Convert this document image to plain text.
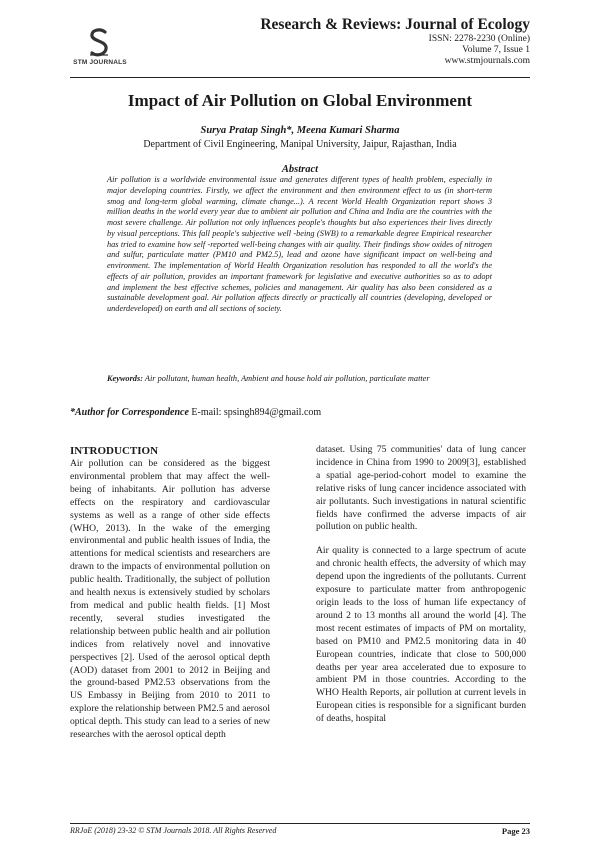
STM JOURNALS
Research & Reviews: Journal of Ecology
ISSN: 2278-2230 (Online)
Volume 7, Issue 1
www.stmjournals.com
Impact of Air Pollution on Global Environment
Surya Pratap Singh*, Meena Kumari Sharma
Department of Civil Engineering, Manipal University, Jaipur, Rajasthan, India
Abstract

Air pollution is a worldwide environmental issue and generates different types of health problem, especially in major developing countries. Firstly, we affect the environment and then environment effect to us (in short-term smog and long-term global warming, climate change...). A recent World Health Organization report shows 3 million deaths in the world every year due to ambient air pollution and China and India are the countries with the most severe challenge. Air pollution not only influences people's thoughts but also experiences their lives directly by visual perceptions. This fall people's subjective well -being (SWB) to a remarkable degree Empirical researcher has tried to examine how self -reported well-being changes with air quality. Their findings show oxides of nitrogen and sulfur, particulate matter (PM10 and PM2.5), lead and ozone have significant impact on well-being and environment. The implementation of World Health Organization resolution has responded to all the world's the effects of air pollution, provides an important framework for legislative and executive authorities so as to adopt and implement the best effective schemes, policies and management. Air quality has also been considered as a sustainable development goal. Air pollution affects directly or practically all countries (developing, developed or underdeveloped) on earth and all sections of society.

Keywords: Air pollutant, human health, Ambient and house hold air pollution, particulate matter

*Author for Correspondence E-mail: spsingh894@gmail.com
INTRODUCTION

Air pollution can be considered as the biggest environmental problem that may affect the well-being of inhabitants. Air pollution has adverse effects on the respiratory and cardiovascular systems as well as a range of other side effects (WHO, 2013). In the wake of the emerging environmental and public health issues of India, the attentions for medical scientists and researchers are drawn to the impacts of environmental pollution on public health. Traditionally, the subject of pollution and health nexus is extensively studied by scholars from medical and public health fields. [1] Most recently, several studies investigated the relationship between public health and air pollution indices from relatively novel and innovative perspectives [2]. Used of the aerosol optical depth (AOD) dataset from 2001 to 2012 in Beijing and the ground-based PM2.53 observations from the US Embassy in Beijing from 2010 to 2011 to explore the relationship between PM2.5 and aerosol optical depth. This study can lead to a series of new researches with the aerosol optical depth

dataset. Using 75 communities' data of lung cancer incidence in China from 1990 to 2009[3], established a spatial age-period-cohort model to examine the relative risks of lung cancer incidence associated with air pollutants. Such investigations in natural scientific fields have confirmed the adverse impacts of air pollution on public health.

Air quality is connected to a large spectrum of acute and chronic health effects, the adversity of which may depend upon the ingredients of the pollutants. Current exposure to particulate matter from anthropogenic origin leads to the loss of human life expectancy of around 2 to 13 months all around the world [4]. The most recent estimates of impacts of PM on mortality, based on PM10 and PM2.5 monitoring data in 40 European countries, indicate that close to 500,000 deaths per year area accelerated due to exposure to ambient PM in those countries. According to the WHO Health Reports, air pollution at current levels in European cities is responsible for a significant burden of deaths, hospital

RRJoE (2018) 23-32 © STM Journals 2018. All Rights Reserved	Page 23
